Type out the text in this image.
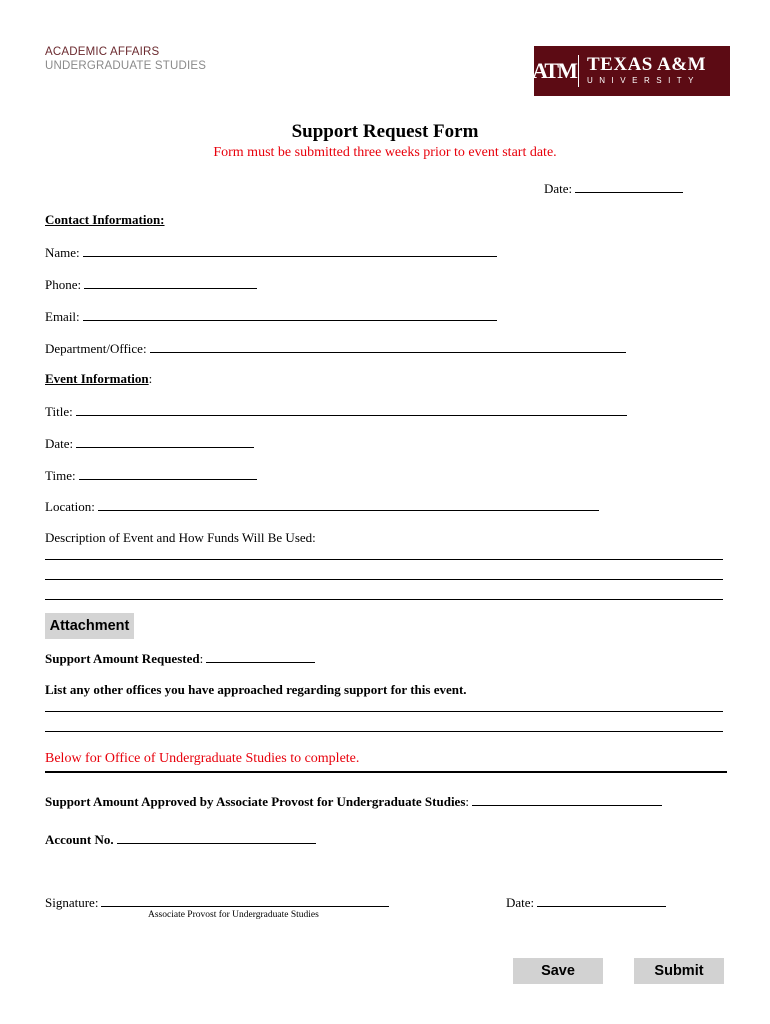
ACADEMIC AFFAIRS
UNDERGRADUATE STUDIES	ATM TEXAS A&M
UNIVERSITY
Support Request Form
Form must be submitted three weeks prior to event start date.
Date:
Contact Information:
Name:
Phone:
Email:
Department/Office:
Event Information:
Title:
Date:
Time:
Location:
Description of Event and How Funds Will Be Used:
Attachment
Support Amount Requested:
List any other offices you have approached regarding support for this event.
Below for Office of Undergraduate Studies to complete.
Support Amount Approved by Associate Provost for Undergraduate Studies:
Account No.
Signature:
Associate Provost for Undergraduate Studies
Date:
Save	Submit
